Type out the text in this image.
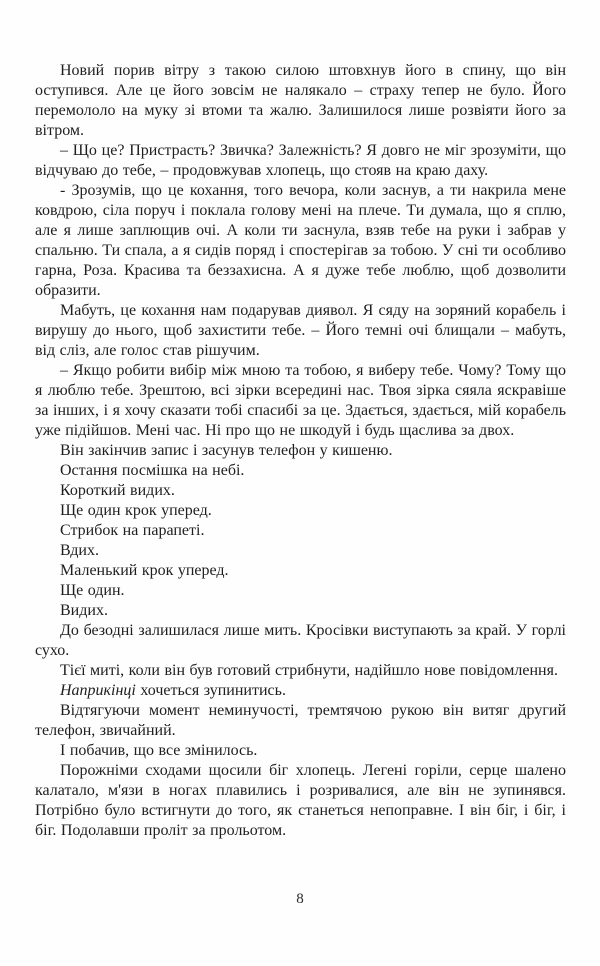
Новий порив вітру з такою силою штовхнув його в спину, що він оступився. Але це його зовсім не налякало – страху тепер не було. Його перемололо на муку зі втоми та жалю. Залишилося лише розвіяти його за вітром.

– Що це? Пристрасть? Звичка? Залежність? Я довго не міг зрозуміти, що відчуваю до тебе, – продовжував хлопець, що стояв на краю даху.

- Зрозумів, що це кохання, того вечора, коли заснув, а ти накрила мене ковдрою, сіла поруч і поклала голову мені на плече. Ти думала, що я сплю, але я лише заплющив очі. А коли ти заснула, взяв тебе на руки і забрав у спальню. Ти спала, а я сидів поряд і спостерігав за тобою. У сні ти особливо гарна, Роза. Красива та беззахисна. А я дуже тебе люблю, щоб дозволити образити.

Мабуть, це кохання нам подарував диявол. Я сяду на зоряний корабель і вирушу до нього, щоб захистити тебе. – Його темні очі блищали – мабуть, від сліз, але голос став рішучим.

– Якщо робити вибір між мною та тобою, я виберу тебе. Чому? Тому що я люблю тебе. Зрештою, всі зірки всередині нас. Твоя зірка сяяла яскравіше за інших, і я хочу сказати тобі спасибі за це. Здається, здається, мій корабель уже підійшов. Мені час. Ні про що не шкодуй і будь щаслива за двох.

Він закінчив запис і засунув телефон у кишеню.

Остання посмішка на небі.

Короткий видих.

Ще один крок уперед.

Стрибок на парапеті.

Вдих.

Маленький крок уперед.

Ще один.

Видих.

До безодні залишилася лише мить. Кросівки виступають за край. У горлі сухо.

Тієї миті, коли він був готовий стрибнути, надійшло нове повідомлення.

Наприкінці хочеться зупинитись.

Відтягуючи момент неминучості, тремтячою рукою він витяг другий телефон, звичайний.

І побачив, що все змінилось.

Порожніми сходами щосили біг хлопець. Легені горіли, серце шалено калатало, м'язи в ногах плавились і розривалися, але він не зупинявся. Потрібно було встигнути до того, як станеться непоправне. І він біг, і біг, і біг. Подолавши проліт за прольотом.

8
